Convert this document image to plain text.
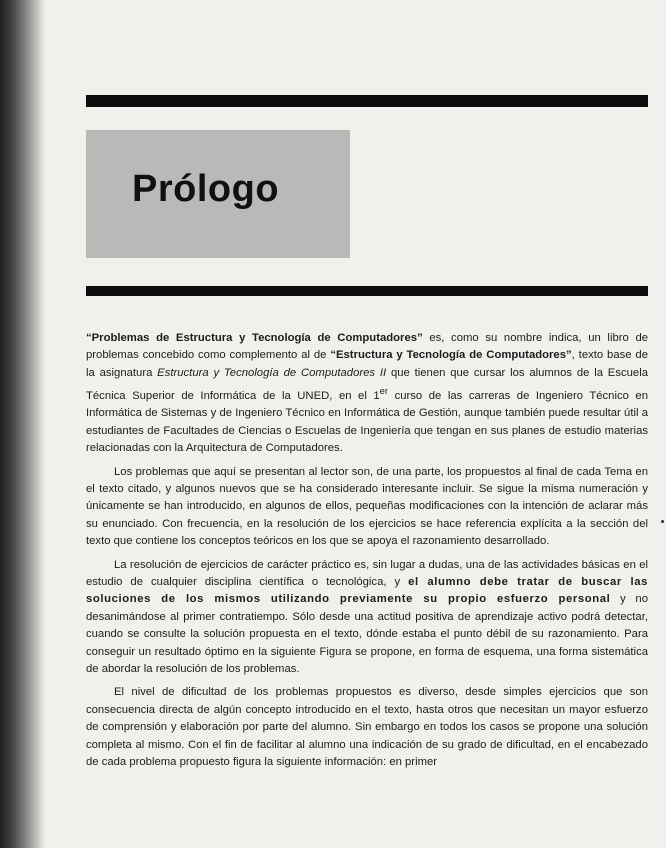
Prólogo

“Problemas de Estructura y Tecnología de Computadores” es, como su nombre indica, un libro de problemas concebido como complemento al de “Estructura y Tecnología de Computadores”, texto base de la asignatura Estructura y Tecnología de Computadores II que tienen que cursar los alumnos de la Escuela Técnica Superior de Informática de la UNED, en el 1er curso de las carreras de Ingeniero Técnico en Informática de Sistemas y de Ingeniero Técnico en Informática de Gestión, aunque también puede resultar útil a estudiantes de Facultades de Ciencias o Escuelas de Ingeniería que tengan en sus planes de estudio materias relacionadas con la Arquitectura de Computadores.

Los problemas que aquí se presentan al lector son, de una parte, los propuestos al final de cada Tema en el texto citado, y algunos nuevos que se ha considerado interesante incluir. Se sigue la misma numeración y únicamente se han introducido, en algunos de ellos, pequeñas modificaciones con la intención de aclarar más su enunciado. Con frecuencia, en la resolución de los ejercicios se hace referencia explícita a la sección del texto que contiene los conceptos teóricos en los que se apoya el razonamiento desarrollado.

La resolución de ejercicios de carácter práctico es, sin lugar a dudas, una de las actividades básicas en el estudio de cualquier disciplina científica o tecnológica, y el alumno debe tratar de buscar las soluciones de los mismos utilizando previamente su propio esfuerzo personal y no desanimándose al primer contratiempo. Sólo desde una actitud positiva de aprendizaje activo podrá detectar, cuando se consulte la solución propuesta en el texto, dónde estaba el punto débil de su razonamiento. Para conseguir un resultado óptimo en la siguiente Figura se propone, en forma de esquema, una forma sistemática de abordar la resolución de los problemas.

El nivel de dificultad de los problemas propuestos es diverso, desde simples ejercicios que son consecuencia directa de algún concepto introducido en el texto, hasta otros que necesitan un mayor esfuerzo de comprensión y elaboración por parte del alumno. Sin embargo en todos los casos se propone una solución completa al mismo. Con el fin de facilitar al alumno una indicación de su grado de dificultad, en el encabezado de cada problema propuesto figura la siguiente información: en primer
